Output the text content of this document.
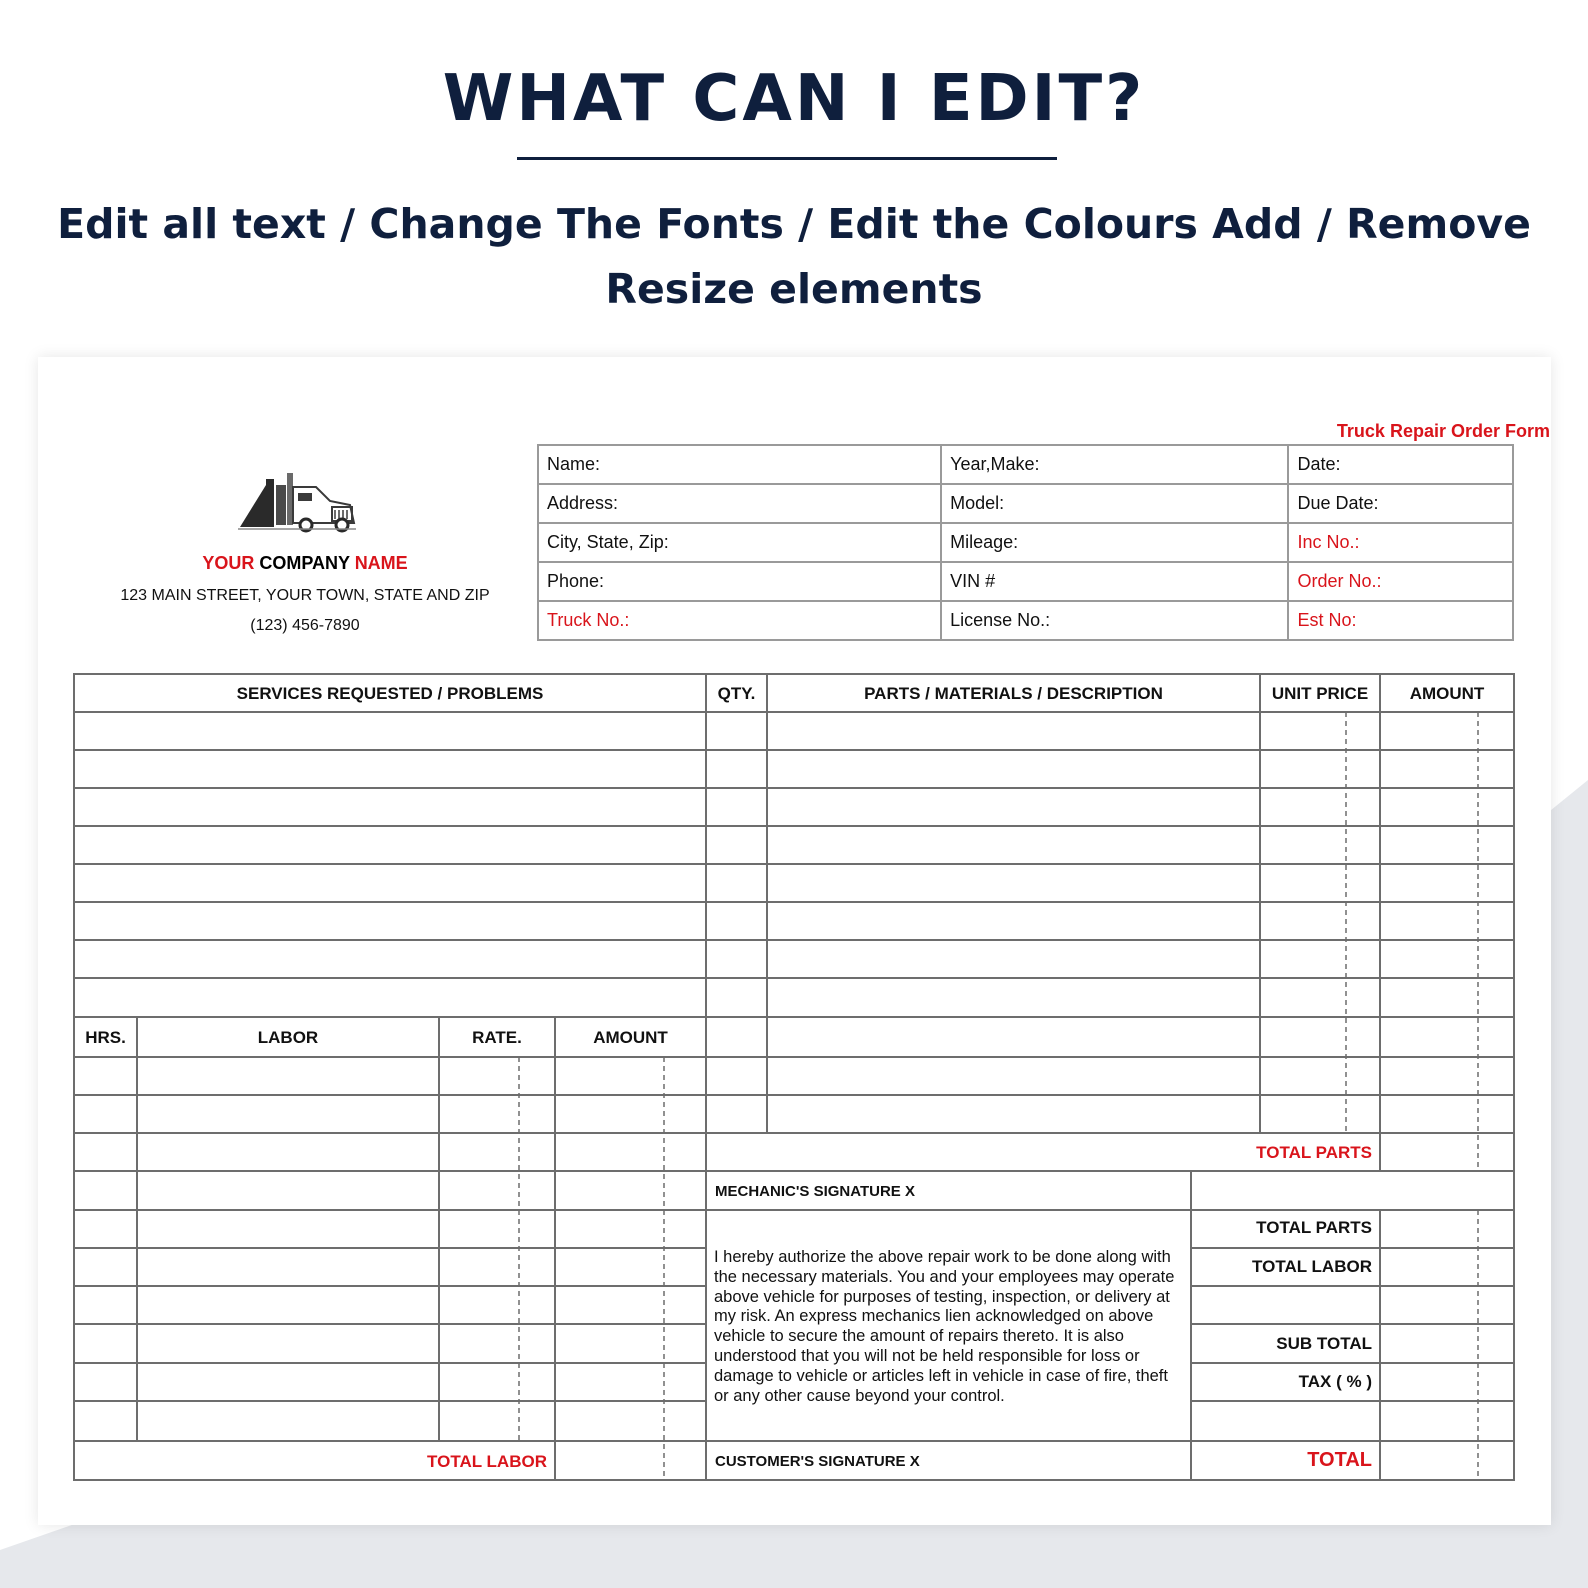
WHAT CAN I EDIT?
Edit all text / Change The Fonts / Edit the Colours Add / Remove
Resize elements
Truck Repair Order Form
YOUR COMPANY NAME
123 MAIN STREET, YOUR TOWN, STATE AND ZIP
(123) 456-7890
Name:	Year,Make:	Date:
Address:	Model:	Due Date:
City, State, Zip:	Mileage:	Inc No.:
Phone:	VIN #	Order No.:
Truck No.:	License No.:	Est No:
SERVICES REQUESTED / PROBLEMS	QTY.	PARTS / MATERIALS / DESCRIPTION	UNIT PRICE	AMOUNT
HRS.	LABOR	RATE.	AMOUNT
TOTAL PARTS
MECHANIC'S SIGNATURE X
CUSTOMER'S SIGNATURE X
I hereby authorize the above repair work to be done along with the necessary materials. You and your employees may operate above vehicle for purposes of testing, inspection, or delivery at my risk. An express mechanics lien acknowledged on above vehicle to secure the amount of repairs thereto. It is also understood that you will not be held responsible for loss or damage to vehicle or articles left in vehicle in case of fire, theft or any other cause beyond your control.
TOTAL PARTS
TOTAL LABOR
SUB TOTAL
TAX ( % )
TOTAL
TOTAL LABOR
